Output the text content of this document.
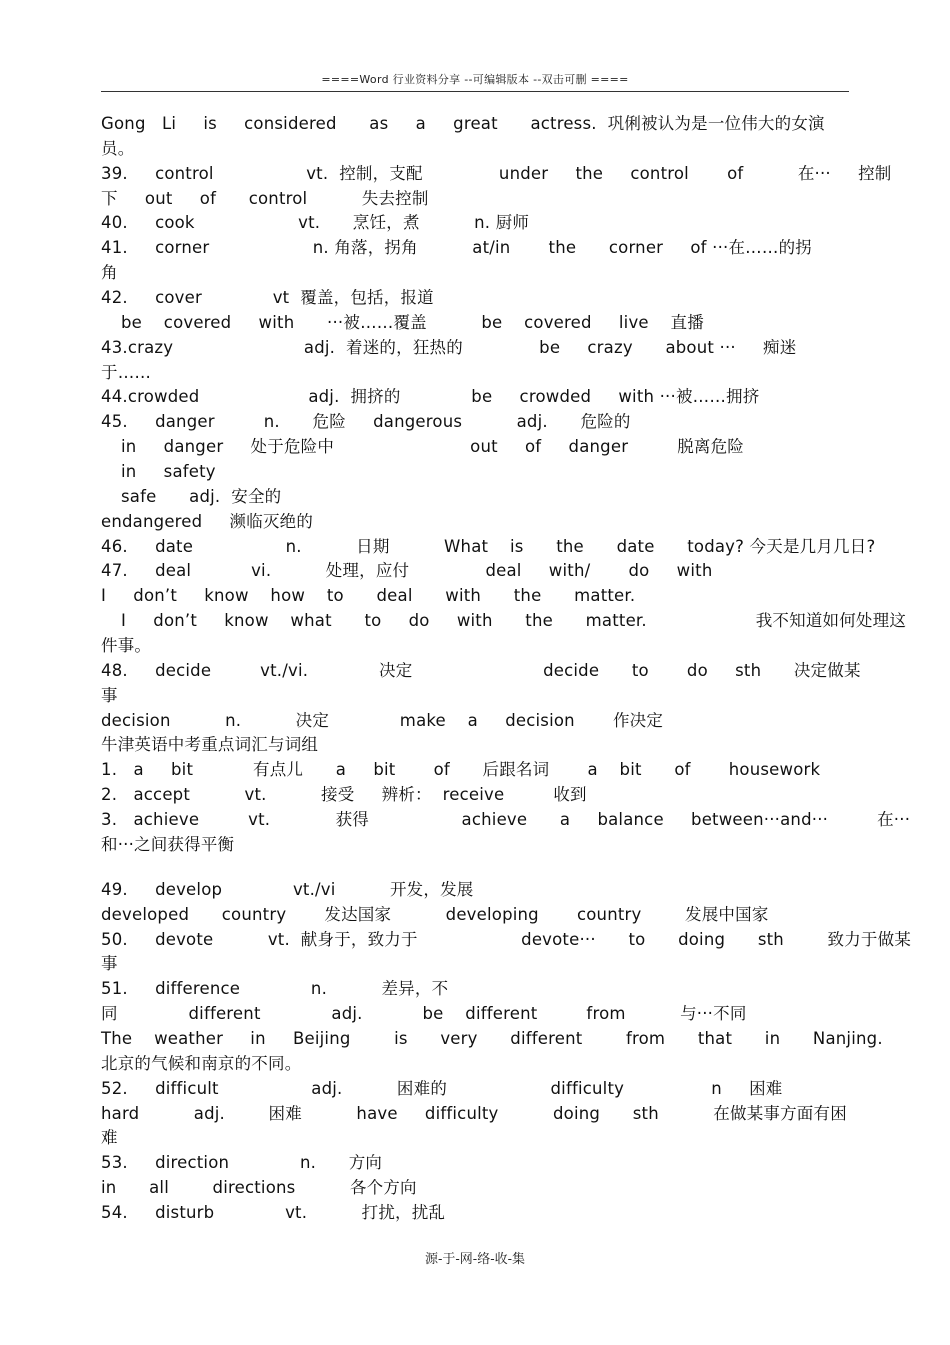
====Word 行业资料分享 --可编辑版本 --双击可删 ====
Gong   Li     is     considered      as     a     great      actress.  巩俐被认为是一位伟大的女演
员。
39.     control                 vt.  控制，支配              under     the     control       of          在···     控制
下     out     of      control          失去控制
40.     cook                   vt.      烹饪，煮          n. 厨师
41.     corner                   n. 角落，拐角          at/in       the      corner     of ···在……的拐
角
42.     cover             vt  覆盖，包括，报道
be    covered     with      ···被……覆盖          be    covered     live    直播
43.crazy                        adj.  着迷的，狂热的              be     crazy      about ···     痴迷
于……
44.crowded                    adj.  拥挤的             be     crowded     with ···被……拥挤
45.     danger         n.      危险     dangerous          adj.      危险的
in     danger     处于危险中                         out     of     danger         脱离危险
in     safety
safe      adj.  安全的
endangered     濒临灭绝的
46.     date                 n.          日期          What    is      the      date      today? 今天是几月几日?
47.     deal           vi.          处理，应付              deal     with/       do     with
I     don’t     know    how    to      deal      with      the      matter.
I     don’t     know    what      to     do     with      the      matter.                    我不知道如何处理这
件事。
48.     decide         vt./vi.             决定                        decide      to       do     sth      决定做某
事
decision          n.          决定             make    a     decision       作决定
牛津英语中考重点词汇与词组
1.   a     bit           有点儿      a     bit       of      后跟名词       a    bit      of       housework
2.   accept          vt.          接受     辨析：  receive         收到
3.   achieve         vt.            获得                 achieve      a     balance     between···and···         在···
和···之间获得平衡
49.     develop             vt./vi          开发，发展
developed      country       发达国家          developing       country        发展中国家
50.     devote          vt.  献身于，致力于                   devote···      to      doing      sth        致力于做某
事
51.     difference             n.          差异，不
同             different             adj.           be    different         from          与···不同
The    weather     in     Beijing        is      very      different        from      that      in      Nanjing.
北京的气候和南京的不同。
52.     difficult                 adj.          困难的                   difficulty                n     困难
hard          adj.        困难          have     difficulty          doing      sth          在做某事方面有困
难
53.     direction             n.      方向
in      all        directions          各个方向
54.     disturb             vt.          打扰，扰乱
源-于-网-络-收-集
